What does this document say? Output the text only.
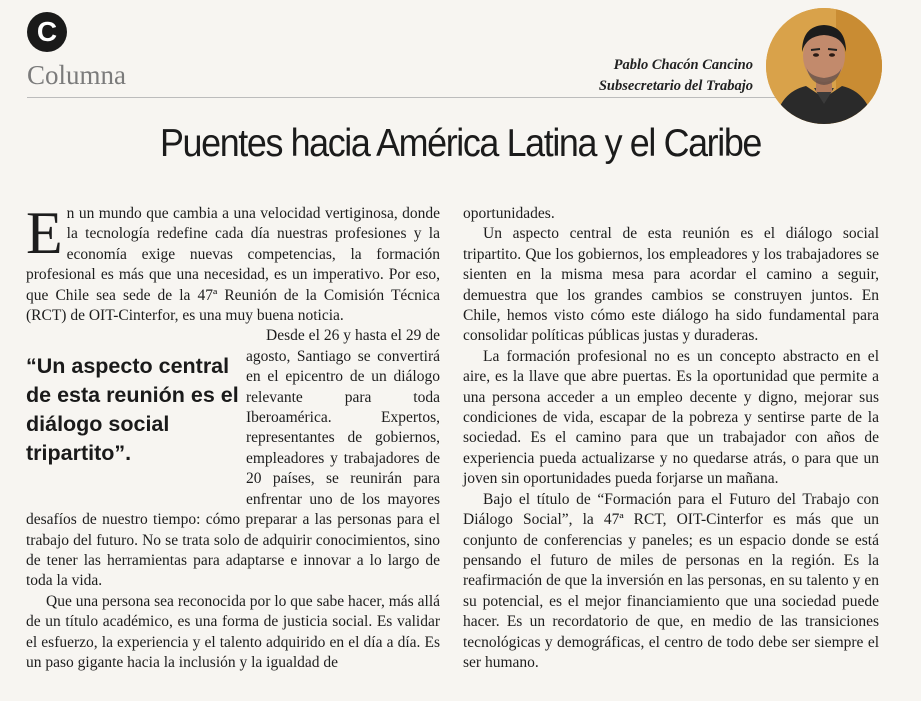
C
Columna	Pablo Chacón Cancino
Subsecretario del Trabajo
Puentes hacia América Latina y el Caribe

En un mundo que cambia a una velocidad vertiginosa, donde la tecnología redefine cada día nuestras profesiones y la economía exige nuevas competencias, la formación profesional es más que una necesidad, es un imperativo. Por eso, que Chile sea sede de la 47ª Reunión de la Comisión Técnica (RCT) de OIT-Cinterfor, es una muy buena noticia.

“Un aspecto central de esta reunión es el diálogo social tripartito”.

Desde el 26 y hasta el 29 de agosto, Santiago se convertirá en el epicentro de un diálogo relevante para toda Iberoamérica. Expertos, representantes de gobiernos, empleadores y trabajadores de 20 países, se reunirán para enfrentar uno de los mayores desafíos de nuestro tiempo: cómo preparar a las personas para el trabajo del futuro. No se trata solo de adquirir conocimientos, sino de tener las herramientas para adaptarse e innovar a lo largo de toda la vida.

Que una persona sea reconocida por lo que sabe hacer, más allá de un título académico, es una forma de justicia social. Es validar el esfuerzo, la experiencia y el talento adquirido en el día a día. Es un paso gigante hacia la inclusión y la igualdad de

oportunidades.

Un aspecto central de esta reunión es el diálogo social tripartito. Que los gobiernos, los empleadores y los trabajadores se sienten en la misma mesa para acordar el camino a seguir, demuestra que los grandes cambios se construyen juntos. En Chile, hemos visto cómo este diálogo ha sido fundamental para consolidar políticas públicas justas y duraderas.

La formación profesional no es un concepto abstracto en el aire, es la llave que abre puertas. Es la oportunidad que permite a una persona acceder a un empleo decente y digno, mejorar sus condiciones de vida, escapar de la pobreza y sentirse parte de la sociedad. Es el camino para que un trabajador con años de experiencia pueda actualizarse y no quedarse atrás, o para que un joven sin oportunidades pueda forjarse un mañana.

Bajo el título de “Formación para el Futuro del Trabajo con Diálogo Social”, la 47ª RCT, OIT-Cinterfor es más que un conjunto de conferencias y paneles; es un espacio donde se está pensando el futuro de miles de personas en la región. Es la reafirmación de que la inversión en las personas, en su talento y en su potencial, es el mejor financiamiento que una sociedad puede hacer. Es un recordatorio de que, en medio de las transiciones tecnológicas y demográficas, el centro de todo debe ser siempre el ser humano.
